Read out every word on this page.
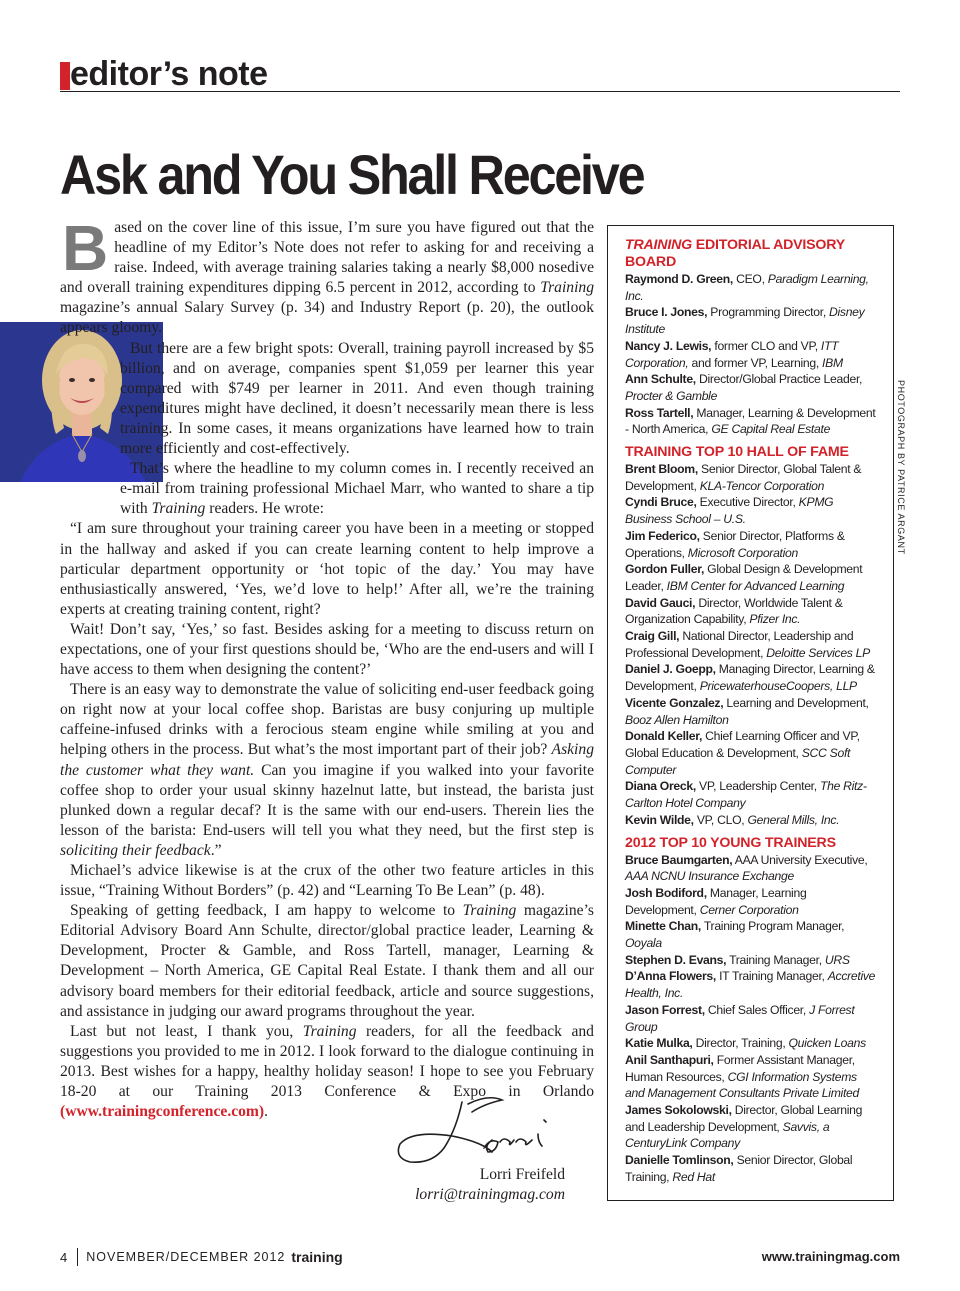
editor’s note
Ask and You Shall Receive

Based on the cover line of this issue, I’m sure you have figured out that the headline of my Editor’s Note does not refer to asking for and receiving a raise. Indeed, with average training salaries taking a nearly $8,000 nosedive and overall training expenditures dipping 6.5 percent in 2012, according to Training magazine’s annual Salary Survey (p. 34) and Industry Report (p. 20), the outlook appears gloomy.

But there are a few bright spots: Overall, training payroll increased by $5 billion, and on average, companies spent $1,059 per learner this year compared with $749 per learner in 2011. And even though training expenditures might have declined, it doesn’t necessarily mean there is less training. In some cases, it means organizations have learned how to train more efficiently and cost-effectively.

That’s where the headline to my column comes in. I recently received an e-mail from training professional Michael Marr, who wanted to share a tip with Training readers. He wrote:

“I am sure throughout your training career you have been in a meeting or stopped in the hallway and asked if you can create learning content to help improve a particular department opportunity or ‘hot topic of the day.’ You may have enthusiastically answered, ‘Yes, we’d love to help!’ After all, we’re the training experts at creating training content, right?

Wait! Don’t say, ‘Yes,’ so fast. Besides asking for a meeting to discuss return on expectations, one of your first questions should be, ‘Who are the end-users and will I have access to them when designing the content?’

There is an easy way to demonstrate the value of soliciting end-user feedback going on right now at your local coffee shop. Baristas are busy conjuring up multiple caffeine-infused drinks with a ferocious steam engine while smiling at you and helping others in the process. But what’s the most important part of their job? Asking the customer what they want. Can you imagine if you walked into your favorite coffee shop to order your usual skinny hazelnut latte, but instead, the barista just plunked down a regular decaf? It is the same with our end-users. Therein lies the lesson of the barista: End-users will tell you what they need, but the first step is soliciting their feedback.”

Michael’s advice likewise is at the crux of the other two feature articles in this issue, “Training Without Borders” (p. 42) and “Learning To Be Lean” (p. 48).

Speaking of getting feedback, I am happy to welcome to Training magazine’s Editorial Advisory Board Ann Schulte, director/global practice leader, Learning & Development, Procter & Gamble, and Ross Tartell, manager, Learning & Development – North America, GE Capital Real Estate. I thank them and all our advisory board members for their editorial feedback, article and source suggestions, and assistance in judging our award programs throughout the year.

Last but not least, I thank you, Training readers, for all the feedback and suggestions you provided to me in 2012. I look forward to the dialogue continuing in 2013. Best wishes for a happy, healthy holiday season! I hope to see you February 18-20 at our Training 2013 Conference & Expo in Orlando (www.trainingconference.com).

Lorri Freifeld
lorri@trainingmag.com
TRAINING EDITORIAL ADVISORY BOARD
Raymond D. Green, CEO, Paradigm Learning, Inc.
Bruce I. Jones, Programming Director, Disney Institute
Nancy J. Lewis, former CLO and VP, ITT Corporation, and former VP, Learning, IBM
Ann Schulte, Director/Global Practice Leader, Procter & Gamble
Ross Tartell, Manager, Learning & Development - North America, GE Capital Real Estate
TRAINING TOP 10 HALL OF FAME
Brent Bloom, Senior Director, Global Talent & Development, KLA-Tencor Corporation
Cyndi Bruce, Executive Director, KPMG Business School – U.S.
Jim Federico, Senior Director, Platforms & Operations, Microsoft Corporation
Gordon Fuller, Global Design & Development Leader, IBM Center for Advanced Learning
David Gauci, Director, Worldwide Talent & Organization Capability, Pfizer Inc.
Craig Gill, National Director, Leadership and Professional Development, Deloitte Services LP
Daniel J. Goepp, Managing Director, Learning & Development, PricewaterhouseCoopers, LLP
Vicente Gonzalez, Learning and Development, Booz Allen Hamilton
Donald Keller, Chief Learning Officer and VP, Global Education & Development, SCC Soft Computer
Diana Oreck, VP, Leadership Center, The Ritz-Carlton Hotel Company
Kevin Wilde, VP, CLO, General Mills, Inc.
2012 TOP 10 YOUNG TRAINERS
Bruce Baumgarten, AAA University Executive, AAA NCNU Insurance Exchange
Josh Bodiford, Manager, Learning Development, Cerner Corporation
Minette Chan, Training Program Manager, Ooyala
Stephen D. Evans, Training Manager, URS
D’Anna Flowers, IT Training Manager, Accretive Health, Inc.
Jason Forrest, Chief Sales Officer, J Forrest Group
Katie Mulka, Director, Training, Quicken Loans
Anil Santhapuri, Former Assistant Manager, Human Resources, CGI Information Systems and Management Consultants Private Limited
James Sokolowski, Director, Global Learning and Leadership Development, Savvis, a CenturyLink Company
Danielle Tomlinson, Senior Director, Global Training, Red Hat
PHOTOGRAPH BY PATRICE ARGANT
4 NOVEMBER/DECEMBER 2012 training	www.trainingmag.com
